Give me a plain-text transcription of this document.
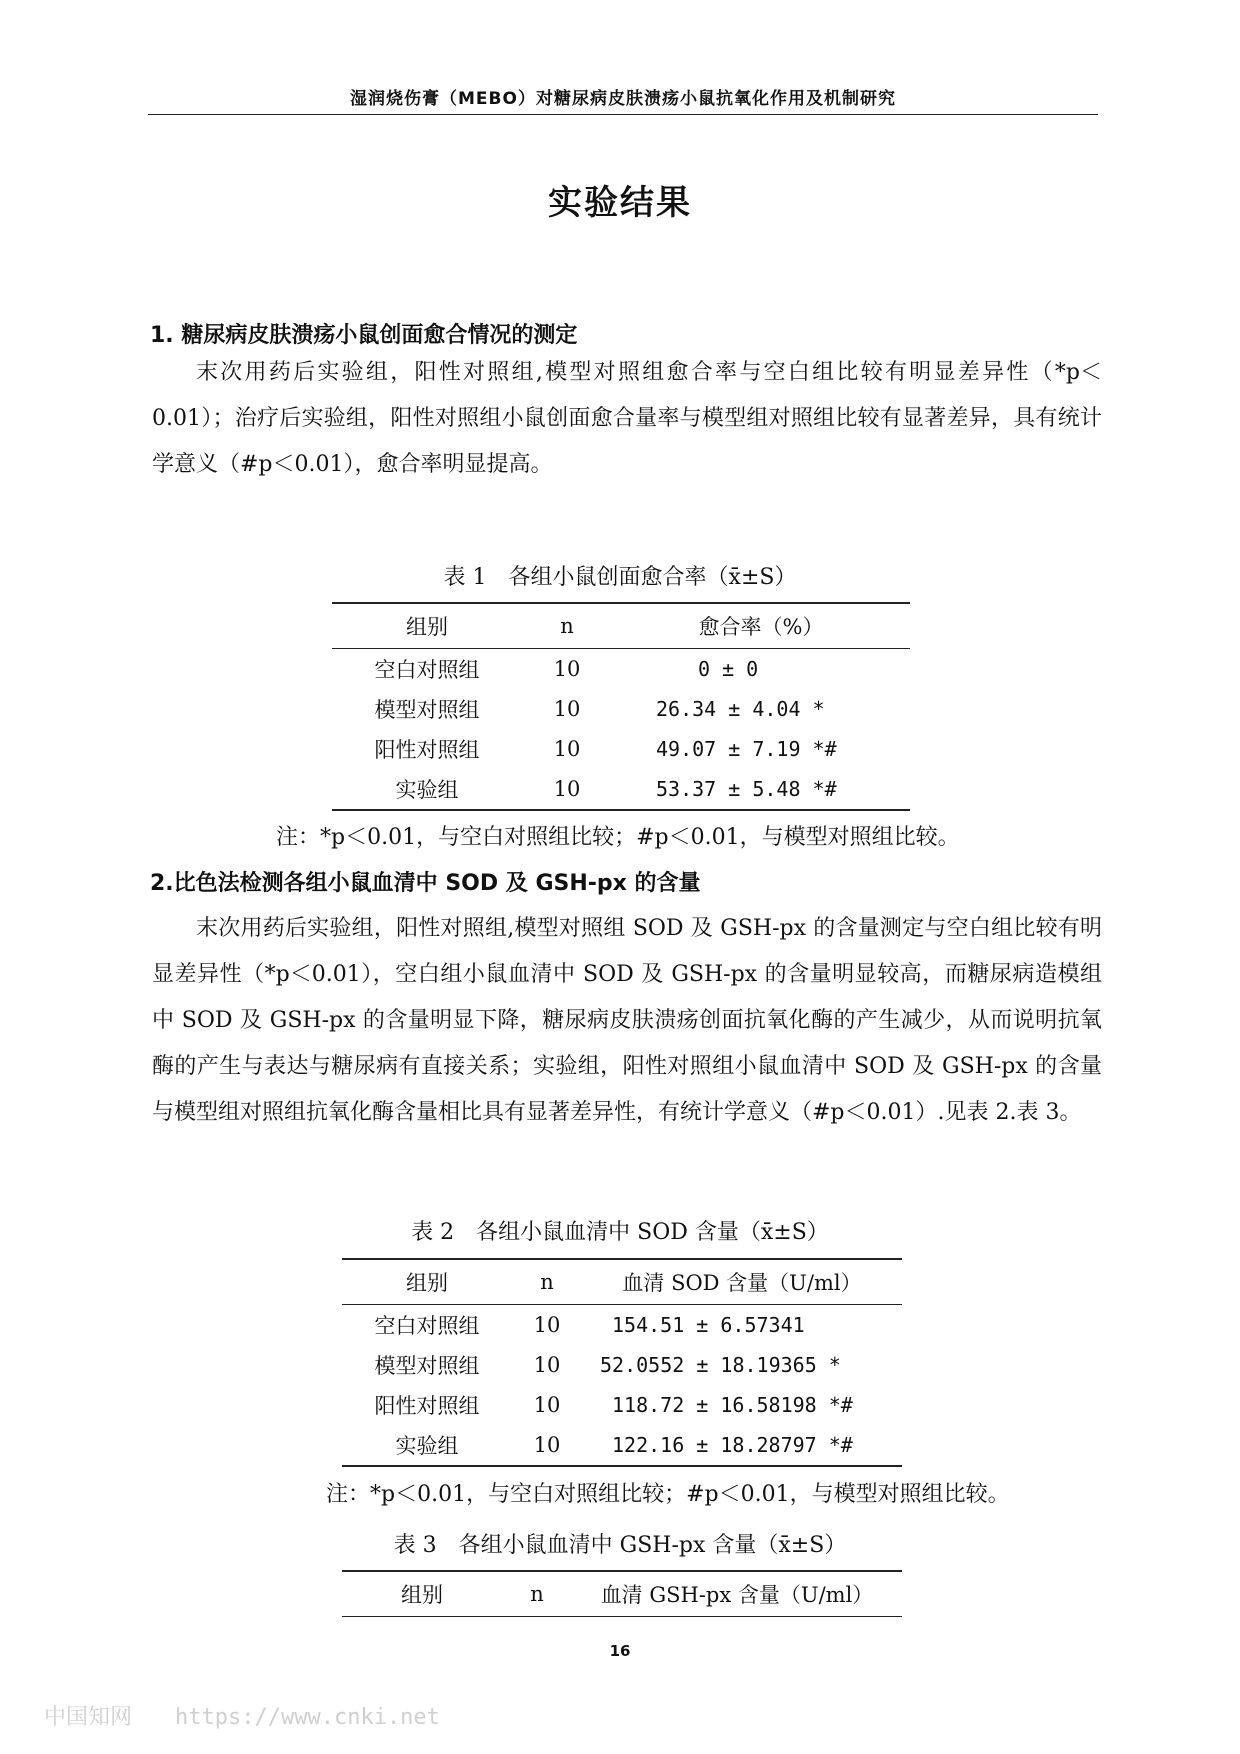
湿润烧伤膏（MEBO）对糖尿病皮肤溃疡小鼠抗氧化作用及机制研究
实验结果
1. 糖尿病皮肤溃疡小鼠创面愈合情况的测定

末次用药后实验组，阳性对照组,模型对照组愈合率与空白组比较有明显差异性（*p＜0.01）；治疗后实验组，阳性对照组小鼠创面愈合量率与模型组对照组比较有显著差异，具有统计学意义（#p＜0.01），愈合率明显提高。

表 1　各组小鼠创面愈合率（x̄±S）
组别	n	愈合率（%）
空白对照组	10	0 ± 0
模型对照组	10	26.34 ± 4.04 *
阳性对照组	10	49.07 ± 7.19 *#
实验组	10	53.37 ± 5.48 *#
注：*p＜0.01，与空白对照组比较；#p＜0.01，与模型对照组比较。
2.比色法检测各组小鼠血清中 SOD 及 GSH-px 的含量

末次用药后实验组，阳性对照组,模型对照组 SOD 及 GSH-px 的含量测定与空白组比较有明显差异性（*p＜0.01），空白组小鼠血清中 SOD 及 GSH-px 的含量明显较高，而糖尿病造模组中 SOD 及 GSH-px 的含量明显下降，糖尿病皮肤溃疡创面抗氧化酶的产生减少，从而说明抗氧酶的产生与表达与糖尿病有直接关系；实验组，阳性对照组小鼠血清中 SOD 及 GSH-px 的含量与模型组对照组抗氧化酶含量相比具有显著差异性，有统计学意义（#p＜0.01）.见表 2.表 3。

表 2　各组小鼠血清中 SOD 含量（x̄±S）
组别	n	血清 SOD 含量（U/ml）
空白对照组	10	154.51 ± 6.57341
模型对照组	10	52.0552 ± 18.19365 *
阳性对照组	10	118.72 ± 16.58198 *#
实验组	10	122.16 ± 18.28797 *#
注：*p＜0.01，与空白对照组比较；#p＜0.01，与模型对照组比较。
表 3　各组小鼠血清中 GSH-px 含量（x̄±S）
组别	n	血清 GSH-px 含量（U/ml）
16
中国知网 https://www.cnki.net
